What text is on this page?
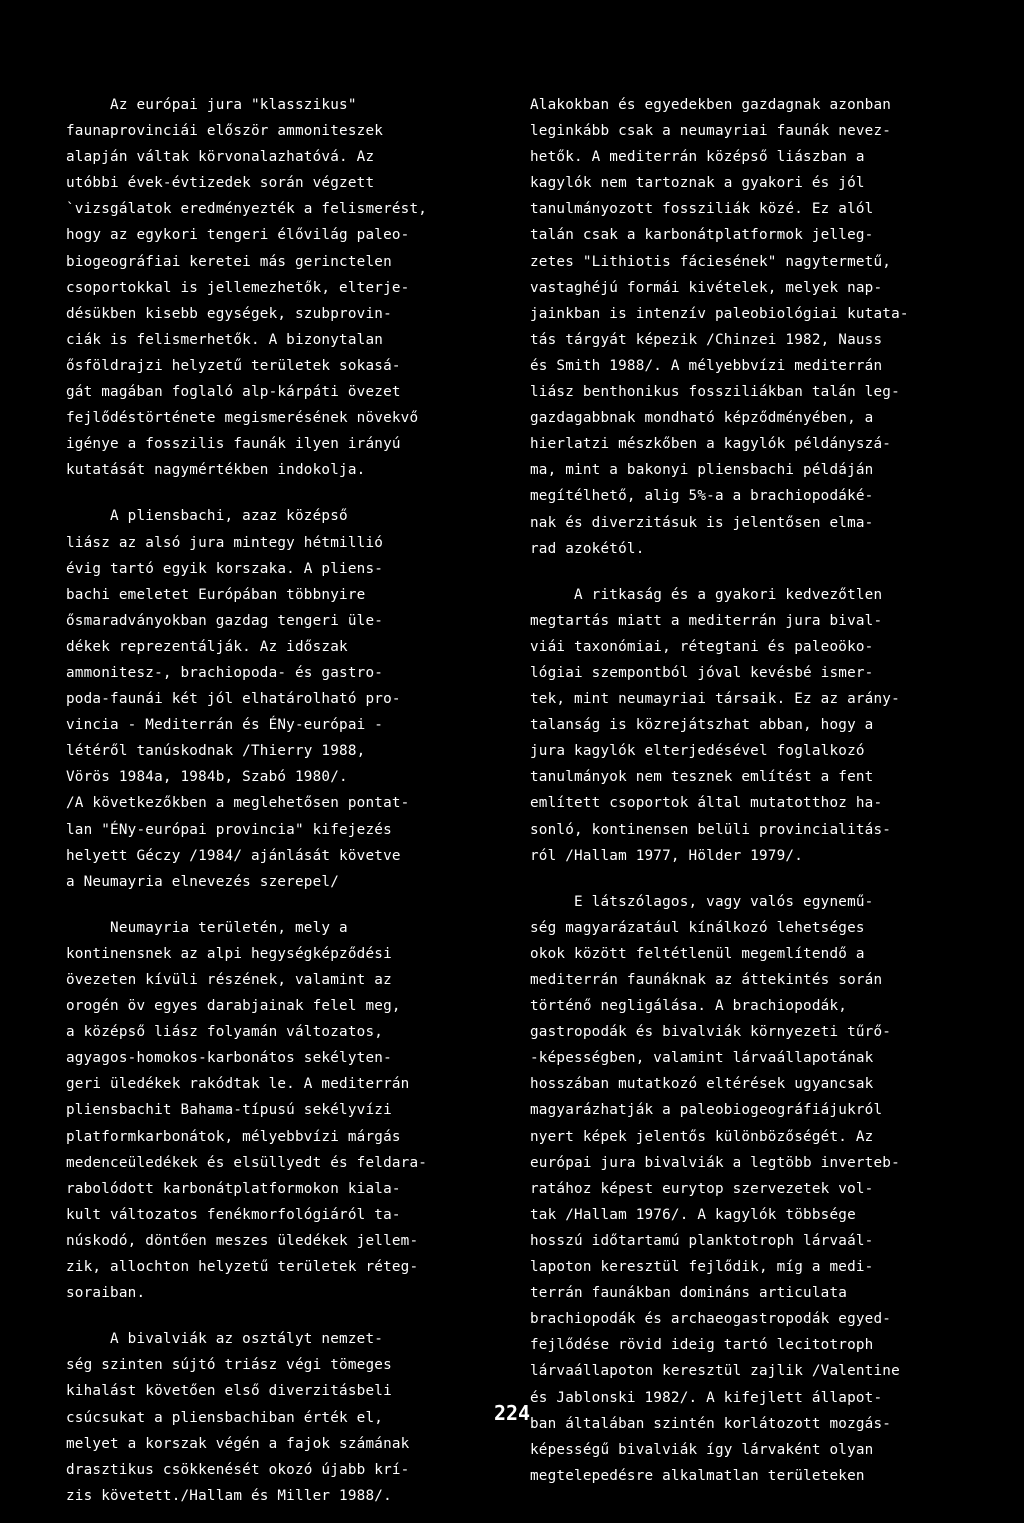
Az európai jura "klasszikus"
faunaprovinciái először ammoniteszek
alapján váltak körvonalazhatóvá. Az
utóbbi évek-évtizedek során végzett
`vizsgálatok eredményezték a felismerést,
hogy az egykori tengeri élővilág paleo-
biogeográfiai keretei más gerinctelen
csoportokkal is jellemezhetők, elterje-
désükben kisebb egységek, szubprovin-
ciák is felismerhetők. A bizonytalan
ősföldrajzi helyzetű területek sokasá-
gát magában foglaló alp-kárpáti övezet
fejlődéstörténete megismerésének növekvő
igénye a fosszilis faunák ilyen irányú
kutatását nagymértékben indokolja.
A pliensbachi, azaz középső
liász az alsó jura mintegy hétmillió
évig tartó egyik korszaka. A pliens-
bachi emeletet Európában többnyire
ősmaradványokban gazdag tengeri üle-
dékek reprezentálják. Az időszak
ammonitesz-, brachiopoda- és gastro-
poda-faunái két jól elhatárolható pro-
vincia - Mediterrán és ÉNy-európai -
létéről tanúskodnak /Thierry 1988,
Vörös 1984a, 1984b, Szabó 1980/.
/A következőkben a meglehetősen pontat-
lan "ÉNy-európai provincia" kifejezés
helyett Géczy /1984/ ajánlását követve
a Neumayria elnevezés szerepel/
Neumayria területén, mely a
kontinensnek az alpi hegységképződési
övezeten kívüli részének, valamint az
orogén öv egyes darabjainak felel meg,
a középső liász folyamán változatos,
agyagos-homokos-karbonátos sekélyten-
geri üledékek rakódtak le. A mediterrán
pliensbachit Bahama-típusú sekélyvízi
platformkarbonátok, mélyebbvízi márgás
medenceüledékek és elsüllyedt és feldara-
rabolódott karbonátplatformokon kiala-
kult változatos fenékmorfológiáról ta-
núskodó, döntően meszes üledékek jellem-
zik, allochton helyzetű területek réteg-
soraiban.
A bivalviák az osztályt nemzet-
ség szinten sújtó triász végi tömeges
kihalást követően első diverzitásbeli
csúcsukat a pliensbachiban érték el,
melyet a korszak végén a fajok számának
drasztikus csökkenését okozó újabb krí-
zis követett./Hallam és Miller 1988/.
Alakokban és egyedekben gazdagnak azonban
leginkább csak a neumayriai faunák nevez-
hetők. A mediterrán középső liászban a
kagylók nem tartoznak a gyakori és jól
tanulmányozott fossziliák közé. Ez alól
talán csak a karbonátplatformok jelleg-
zetes "Lithiotis fáciesének" nagytermetű,
vastaghéjú formái kivételek, melyek nap-
jainkban is intenzív paleobiológiai kutata-
tás tárgyát képezik /Chinzei 1982, Nauss
és Smith 1988/. A mélyebbvízi mediterrán
liász benthonikus fossziliákban talán leg-
gazdagabbnak mondható képződményében, a
hierlatzi mészkőben a kagylók példányszá-
ma, mint a bakonyi pliensbachi példáján
megítélhető, alig 5%-a a brachiopodáké-
nak és diverzitásuk is jelentősen elma-
rad azokétól.
A ritkaság és a gyakori kedvezőtlen
megtartás miatt a mediterrán jura bival-
viái taxonómiai, rétegtani és paleoöko-
lógiai szempontból jóval kevésbé ismer-
tek, mint neumayriai társaik. Ez az arány-
talanság is közrejátszhat abban, hogy a
jura kagylók elterjedésével foglalkozó
tanulmányok nem tesznek említést a fent
említett csoportok által mutatotthoz ha-
sonló, kontinensen belüli provincialitás-
ról /Hallam 1977, Hölder 1979/.
E látszólagos, vagy valós egynemű-
ség magyarázatául kínálkozó lehetséges
okok között feltétlenül megemlítendő a
mediterrán faunáknak az áttekintés során
történő negligálása. A brachiopodák,
gastropodák és bivalviák környezeti tűrő-
-képességben, valamint lárvaállapotának
hosszában mutatkozó eltérések ugyancsak
magyarázhatják a paleobiogeográfiájukról
nyert képek jelentős különbözőségét. Az
európai jura bivalviák a legtöbb inverteb-
ratához képest eurytop szervezetek vol-
tak /Hallam 1976/. A kagylók többsége
hosszú időtartamú planktotroph lárvaál-
lapoton keresztül fejlődik, míg a medi-
terrán faunákban domináns articulata
brachiopodák és archaeogastropodák egyed-
fejlődése rövid ideig tartó lecitotroph
lárvaállapoton keresztül zajlik /Valentine
és Jablonski 1982/. A kifejlett állapot-
ban általában szintén korlátozott mozgás-
képességű bivalviák így lárvaként olyan
megtelepedésre alkalmatlan területeken
224
